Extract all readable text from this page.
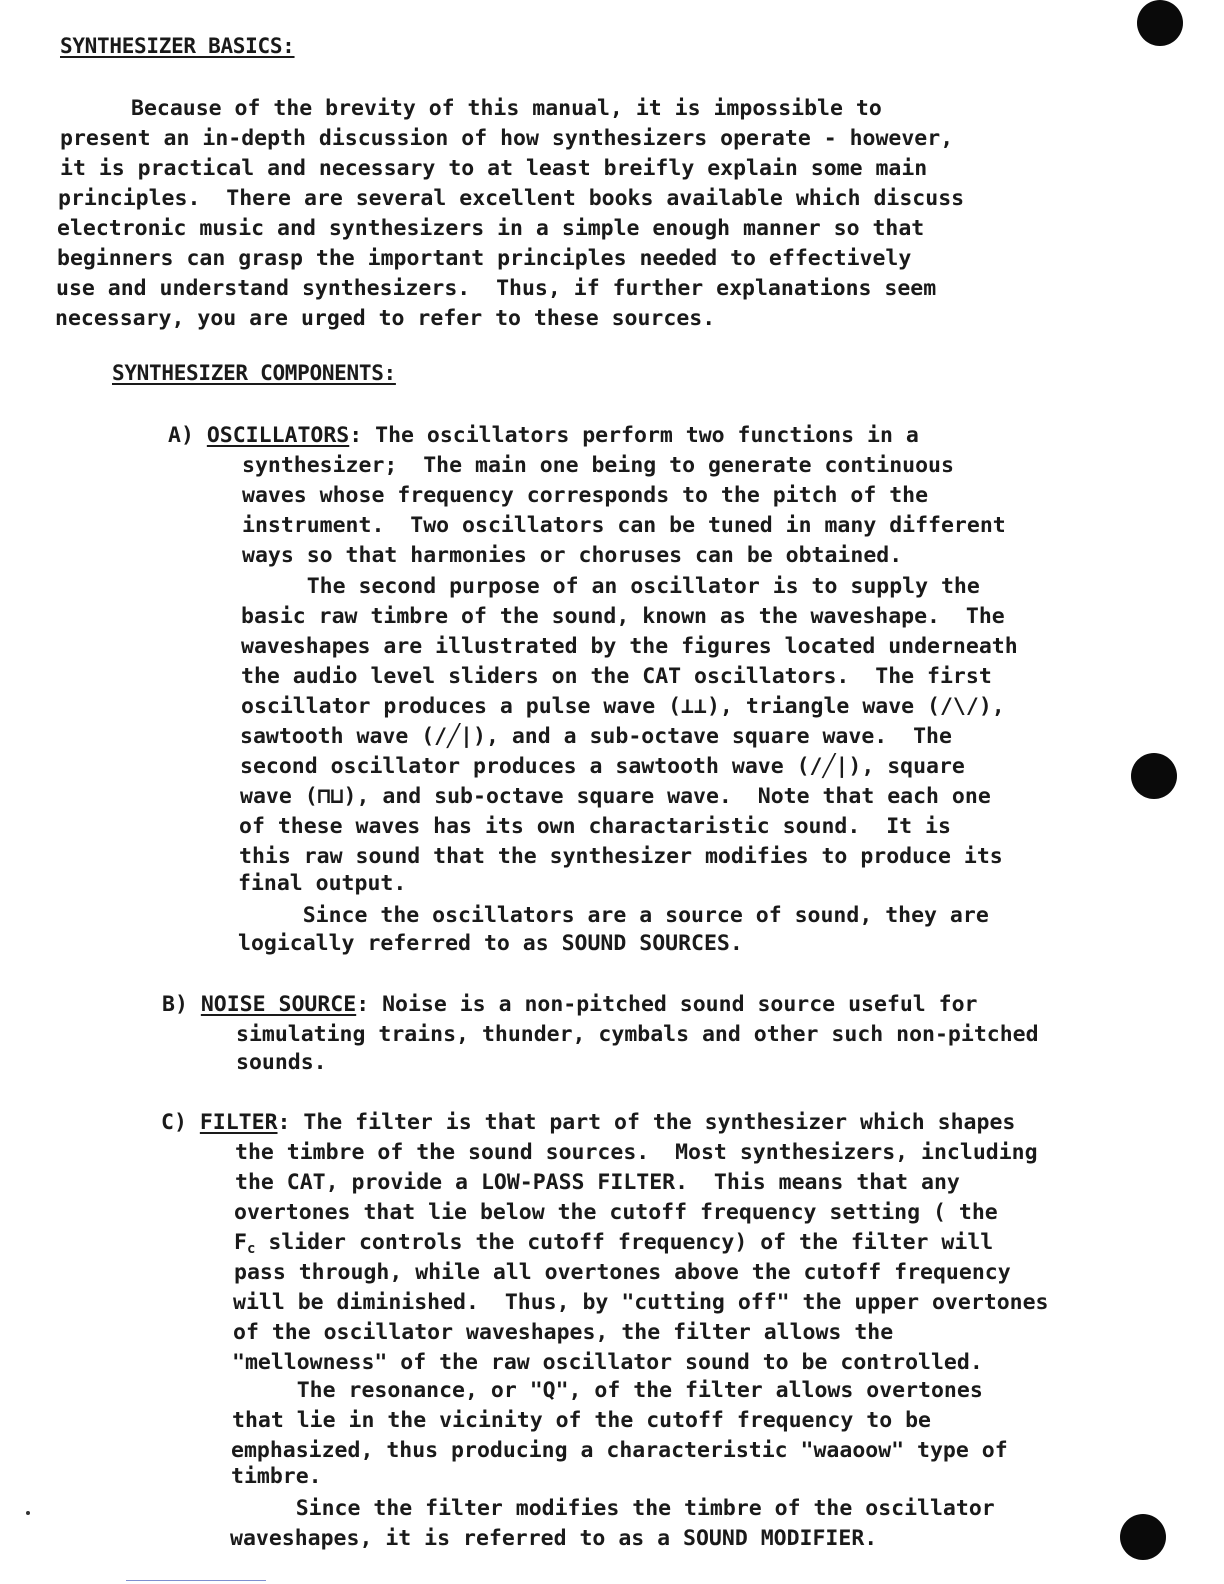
SYNTHESIZER BASICS:
Because of the brevity of this manual, it is impossible to
present an in-depth discussion of how synthesizers operate - however,
it is practical and necessary to at least breifly explain some main
principles.  There are several excellent books available which discuss
electronic music and synthesizers in a simple enough manner so that
beginners can grasp the important principles needed to effectively
use and understand synthesizers.  Thus, if further explanations seem
necessary, you are urged to refer to these sources.
SYNTHESIZER COMPONENTS:
A) OSCILLATORS: The oscillators perform two functions in a
synthesizer;  The main one being to generate continuous
waves whose frequency corresponds to the pitch of the
instrument.  Two oscillators can be tuned in many different
ways so that harmonies or choruses can be obtained.
The second purpose of an oscillator is to supply the
basic raw timbre of the sound, known as the waveshape.  The
waveshapes are illustrated by the figures located underneath
the audio level sliders on the CAT oscillators.  The first
oscillator produces a pulse wave (⊥⊥), triangle wave (/\/),
sawtooth wave (/╱|), and a sub-octave square wave.  The
second oscillator produces a sawtooth wave (/╱|), square
wave (⊓⊔), and sub-octave square wave.  Note that each one
of these waves has its own charactaristic sound.  It is
this raw sound that the synthesizer modifies to produce its
final output.
Since the oscillators are a source of sound, they are
logically referred to as SOUND SOURCES.
B) NOISE SOURCE: Noise is a non-pitched sound source useful for
simulating trains, thunder, cymbals and other such non-pitched
sounds.
C) FILTER: The filter is that part of the synthesizer which shapes
the timbre of the sound sources.  Most synthesizers, including
the CAT, provide a LOW-PASS FILTER.  This means that any
overtones that lie below the cutoff frequency setting ( the
$F_c$ slider controls the cutoff frequency) of the filter will
pass through, while all overtones above the cutoff frequency
will be diminished.  Thus, by "cutting off" the upper overtones
of the oscillator waveshapes, the filter allows the
"mellowness" of the raw oscillator sound to be controlled.
The resonance, or "Q", of the filter allows overtones
that lie in the vicinity of the cutoff frequency to be
emphasized, thus producing a characteristic "waaoow" type of
timbre.
Since the filter modifies the timbre of the oscillator
waveshapes, it is referred to as a SOUND MODIFIER.
